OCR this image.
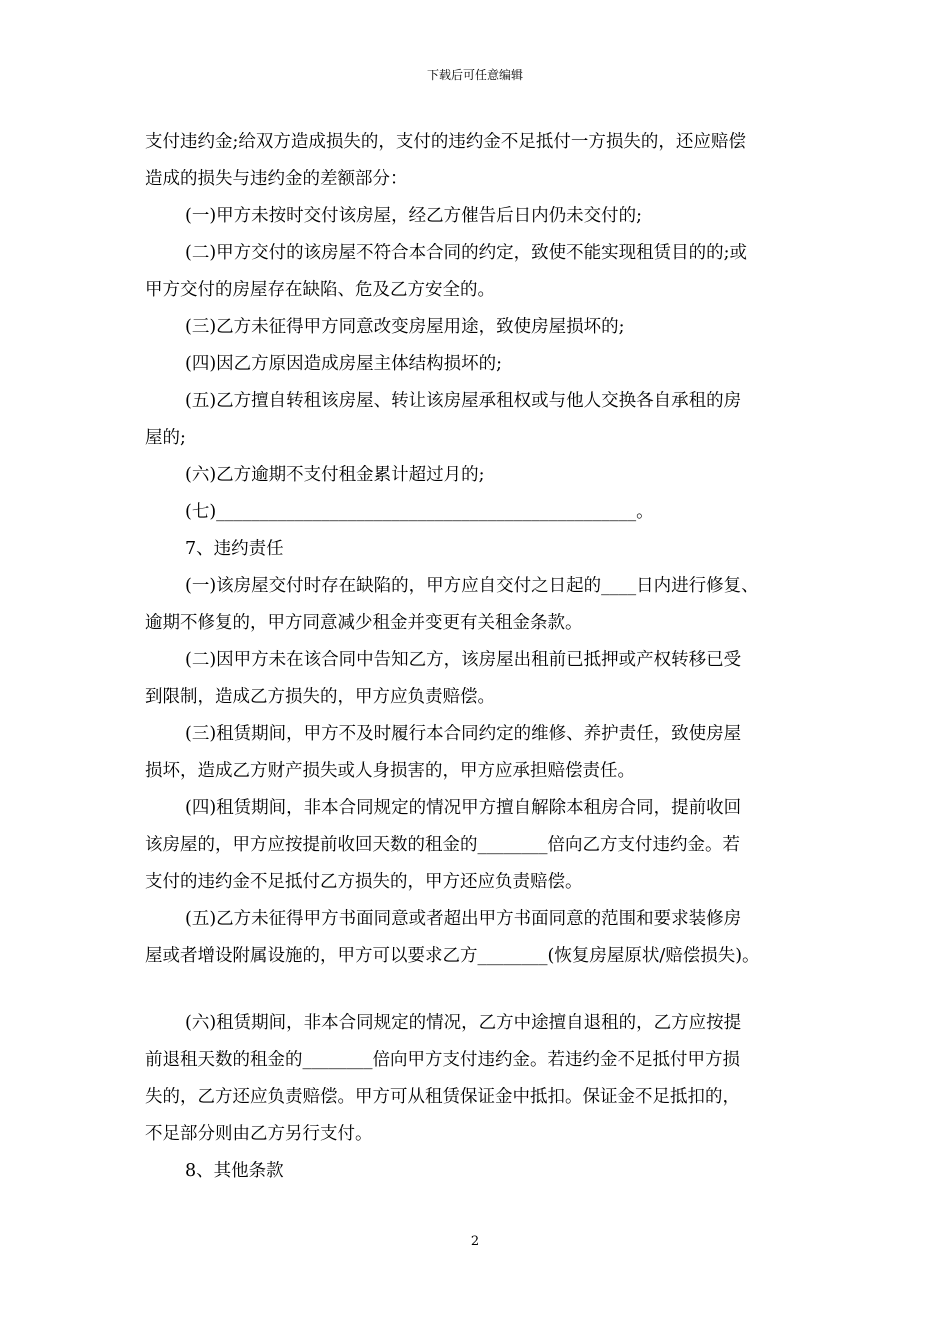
下载后可任意编辑
支付违约金;给双方造成损失的，支付的违约金不足抵付一方损失的，还应赔偿
造成的损失与违约金的差额部分：
(一)甲方未按时交付该房屋，经乙方催告后日内仍未交付的;
(二)甲方交付的该房屋不符合本合同的约定，致使不能实现租赁目的的;或
甲方交付的房屋存在缺陷、危及乙方安全的。
(三)乙方未征得甲方同意改变房屋用途，致使房屋损坏的;
(四)因乙方原因造成房屋主体结构损坏的;
(五)乙方擅自转租该房屋、转让该房屋承租权或与他人交换各自承租的房
屋的;
(六)乙方逾期不支付租金累计超过月的;
(七)________________________________________________。
7、违约责任
(一)该房屋交付时存在缺陷的，甲方应自交付之日起的____日内进行修复、
逾期不修复的，甲方同意减少租金并变更有关租金条款。
(二)因甲方未在该合同中告知乙方，该房屋出租前已抵押或产权转移已受
到限制，造成乙方损失的，甲方应负责赔偿。
(三)租赁期间，甲方不及时履行本合同约定的维修、养护责任，致使房屋
损坏，造成乙方财产损失或人身损害的，甲方应承担赔偿责任。
(四)租赁期间，非本合同规定的情况甲方擅自解除本租房合同，提前收回
该房屋的，甲方应按提前收回天数的租金的________倍向乙方支付违约金。若
支付的违约金不足抵付乙方损失的，甲方还应负责赔偿。
(五)乙方未征得甲方书面同意或者超出甲方书面同意的范围和要求装修房
屋或者增设附属设施的，甲方可以要求乙方________(恢复房屋原状/赔偿损失)。
(六)租赁期间，非本合同规定的情况，乙方中途擅自退租的，乙方应按提
前退租天数的租金的________倍向甲方支付违约金。若违约金不足抵付甲方损
失的，乙方还应负责赔偿。甲方可从租赁保证金中抵扣。保证金不足抵扣的，
不足部分则由乙方另行支付。
8、其他条款
2
